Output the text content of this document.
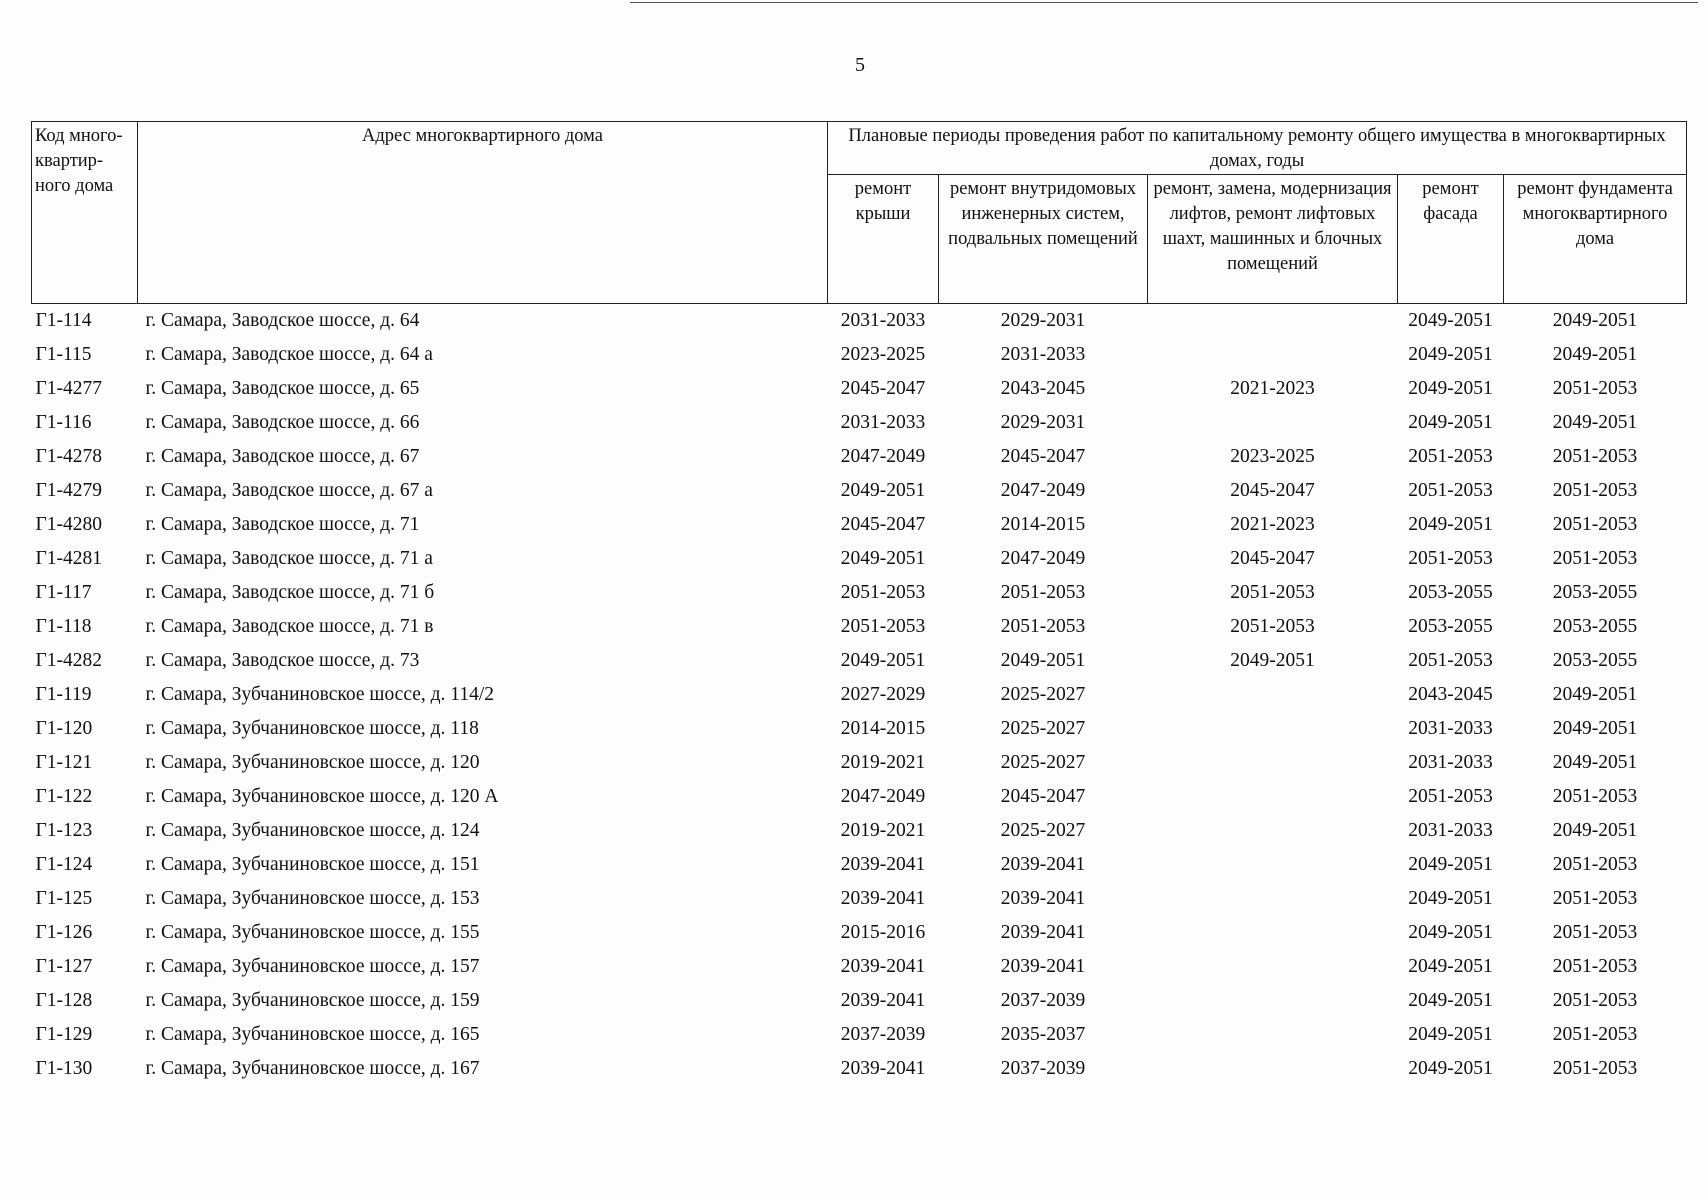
5
Код много-квартир-ного дома	Адрес многоквартирного дома	Плановые периоды проведения работ по капитальному ремонту общего имущества в многоквартирных домах, годы				
		ремонт крыши	ремонт внутридомовых инженерных систем, подвальных помещений	ремонт, замена, модернизация лифтов, ремонт лифтовых шахт, машинных и блочных помещений	ремонт фасада	ремонт фундамента многоквартирного дома
Г1-114	г. Самара, Заводское шоссе, д. 64	2031-2033	2029-2031		2049-2051	2049-2051
Г1-115	г. Самара, Заводское шоссе, д. 64 а	2023-2025	2031-2033		2049-2051	2049-2051
Г1-4277	г. Самара, Заводское шоссе, д. 65	2045-2047	2043-2045	2021-2023	2049-2051	2051-2053
Г1-116	г. Самара, Заводское шоссе, д. 66	2031-2033	2029-2031		2049-2051	2049-2051
Г1-4278	г. Самара, Заводское шоссе, д. 67	2047-2049	2045-2047	2023-2025	2051-2053	2051-2053
Г1-4279	г. Самара, Заводское шоссе, д. 67 а	2049-2051	2047-2049	2045-2047	2051-2053	2051-2053
Г1-4280	г. Самара, Заводское шоссе, д. 71	2045-2047	2014-2015	2021-2023	2049-2051	2051-2053
Г1-4281	г. Самара, Заводское шоссе, д. 71 а	2049-2051	2047-2049	2045-2047	2051-2053	2051-2053
Г1-117	г. Самара, Заводское шоссе, д. 71 б	2051-2053	2051-2053	2051-2053	2053-2055	2053-2055
Г1-118	г. Самара, Заводское шоссе, д. 71 в	2051-2053	2051-2053	2051-2053	2053-2055	2053-2055
Г1-4282	г. Самара, Заводское шоссе, д. 73	2049-2051	2049-2051	2049-2051	2051-2053	2053-2055
Г1-119	г. Самара, Зубчаниновское шоссе, д. 114/2	2027-2029	2025-2027		2043-2045	2049-2051
Г1-120	г. Самара, Зубчаниновское шоссе, д. 118	2014-2015	2025-2027		2031-2033	2049-2051
Г1-121	г. Самара, Зубчаниновское шоссе, д. 120	2019-2021	2025-2027		2031-2033	2049-2051
Г1-122	г. Самара, Зубчаниновское шоссе, д. 120 А	2047-2049	2045-2047		2051-2053	2051-2053
Г1-123	г. Самара, Зубчаниновское шоссе, д. 124	2019-2021	2025-2027		2031-2033	2049-2051
Г1-124	г. Самара, Зубчаниновское шоссе, д. 151	2039-2041	2039-2041		2049-2051	2051-2053
Г1-125	г. Самара, Зубчаниновское шоссе, д. 153	2039-2041	2039-2041		2049-2051	2051-2053
Г1-126	г. Самара, Зубчаниновское шоссе, д. 155	2015-2016	2039-2041		2049-2051	2051-2053
Г1-127	г. Самара, Зубчаниновское шоссе, д. 157	2039-2041	2039-2041		2049-2051	2051-2053
Г1-128	г. Самара, Зубчаниновское шоссе, д. 159	2039-2041	2037-2039		2049-2051	2051-2053
Г1-129	г. Самара, Зубчаниновское шоссе, д. 165	2037-2039	2035-2037		2049-2051	2051-2053
Г1-130	г. Самара, Зубчаниновское шоссе, д. 167	2039-2041	2037-2039		2049-2051	2051-2053
